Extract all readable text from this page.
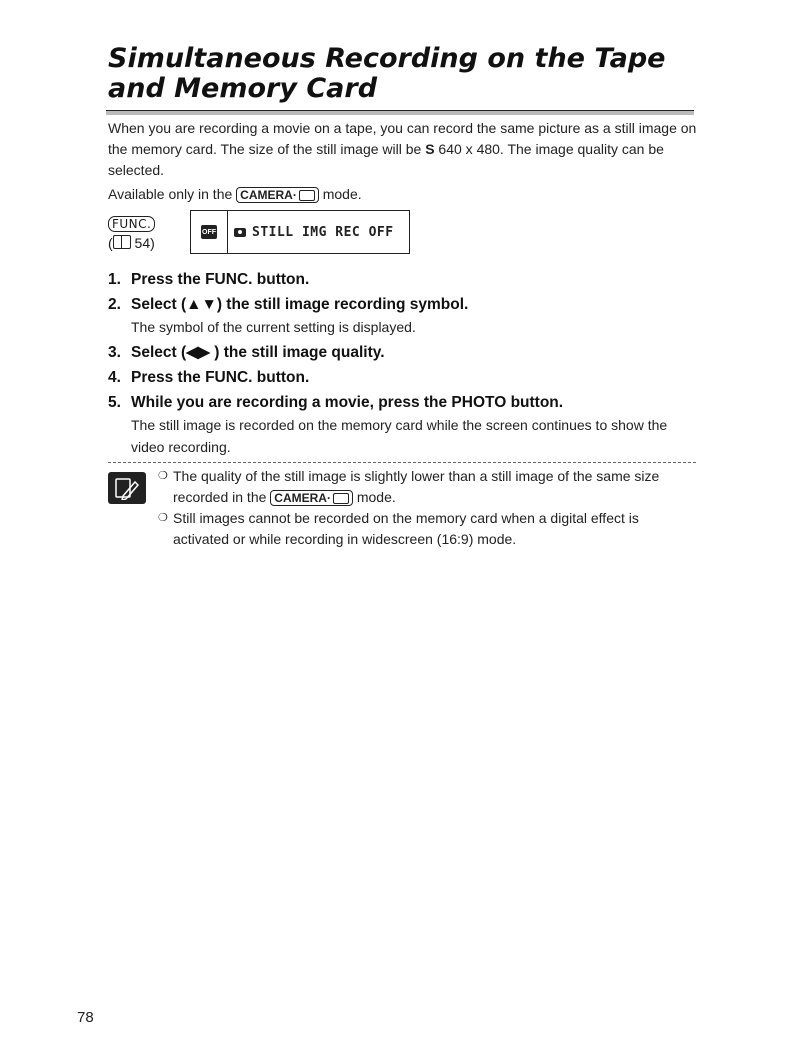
Simultaneous Recording on the Tape and Memory Card

When you are recording a movie on a tape, you can record the same picture as a still image on the memory card. The size of the still image will be S 640 x 480. The image quality can be selected.

Available only in the CAMERA· mode.

FUNC.
( 54)
OFF	STILL IMG REC OFF
1. Press the FUNC. button.
2. Select (▲▼) the still image recording symbol.
The symbol of the current setting is displayed.
3. Select (◀▶ ) the still image quality.
4. Press the FUNC. button.
5. While you are recording a movie, press the PHOTO button.
The still image is recorded on the memory card while the screen continues to show the video recording.
❍ The quality of the still image is slightly lower than a still image of the same size recorded in the CAMERA· mode.
❍ Still images cannot be recorded on the memory card when a digital effect is activated or while recording in widescreen (16:9) mode.
78
